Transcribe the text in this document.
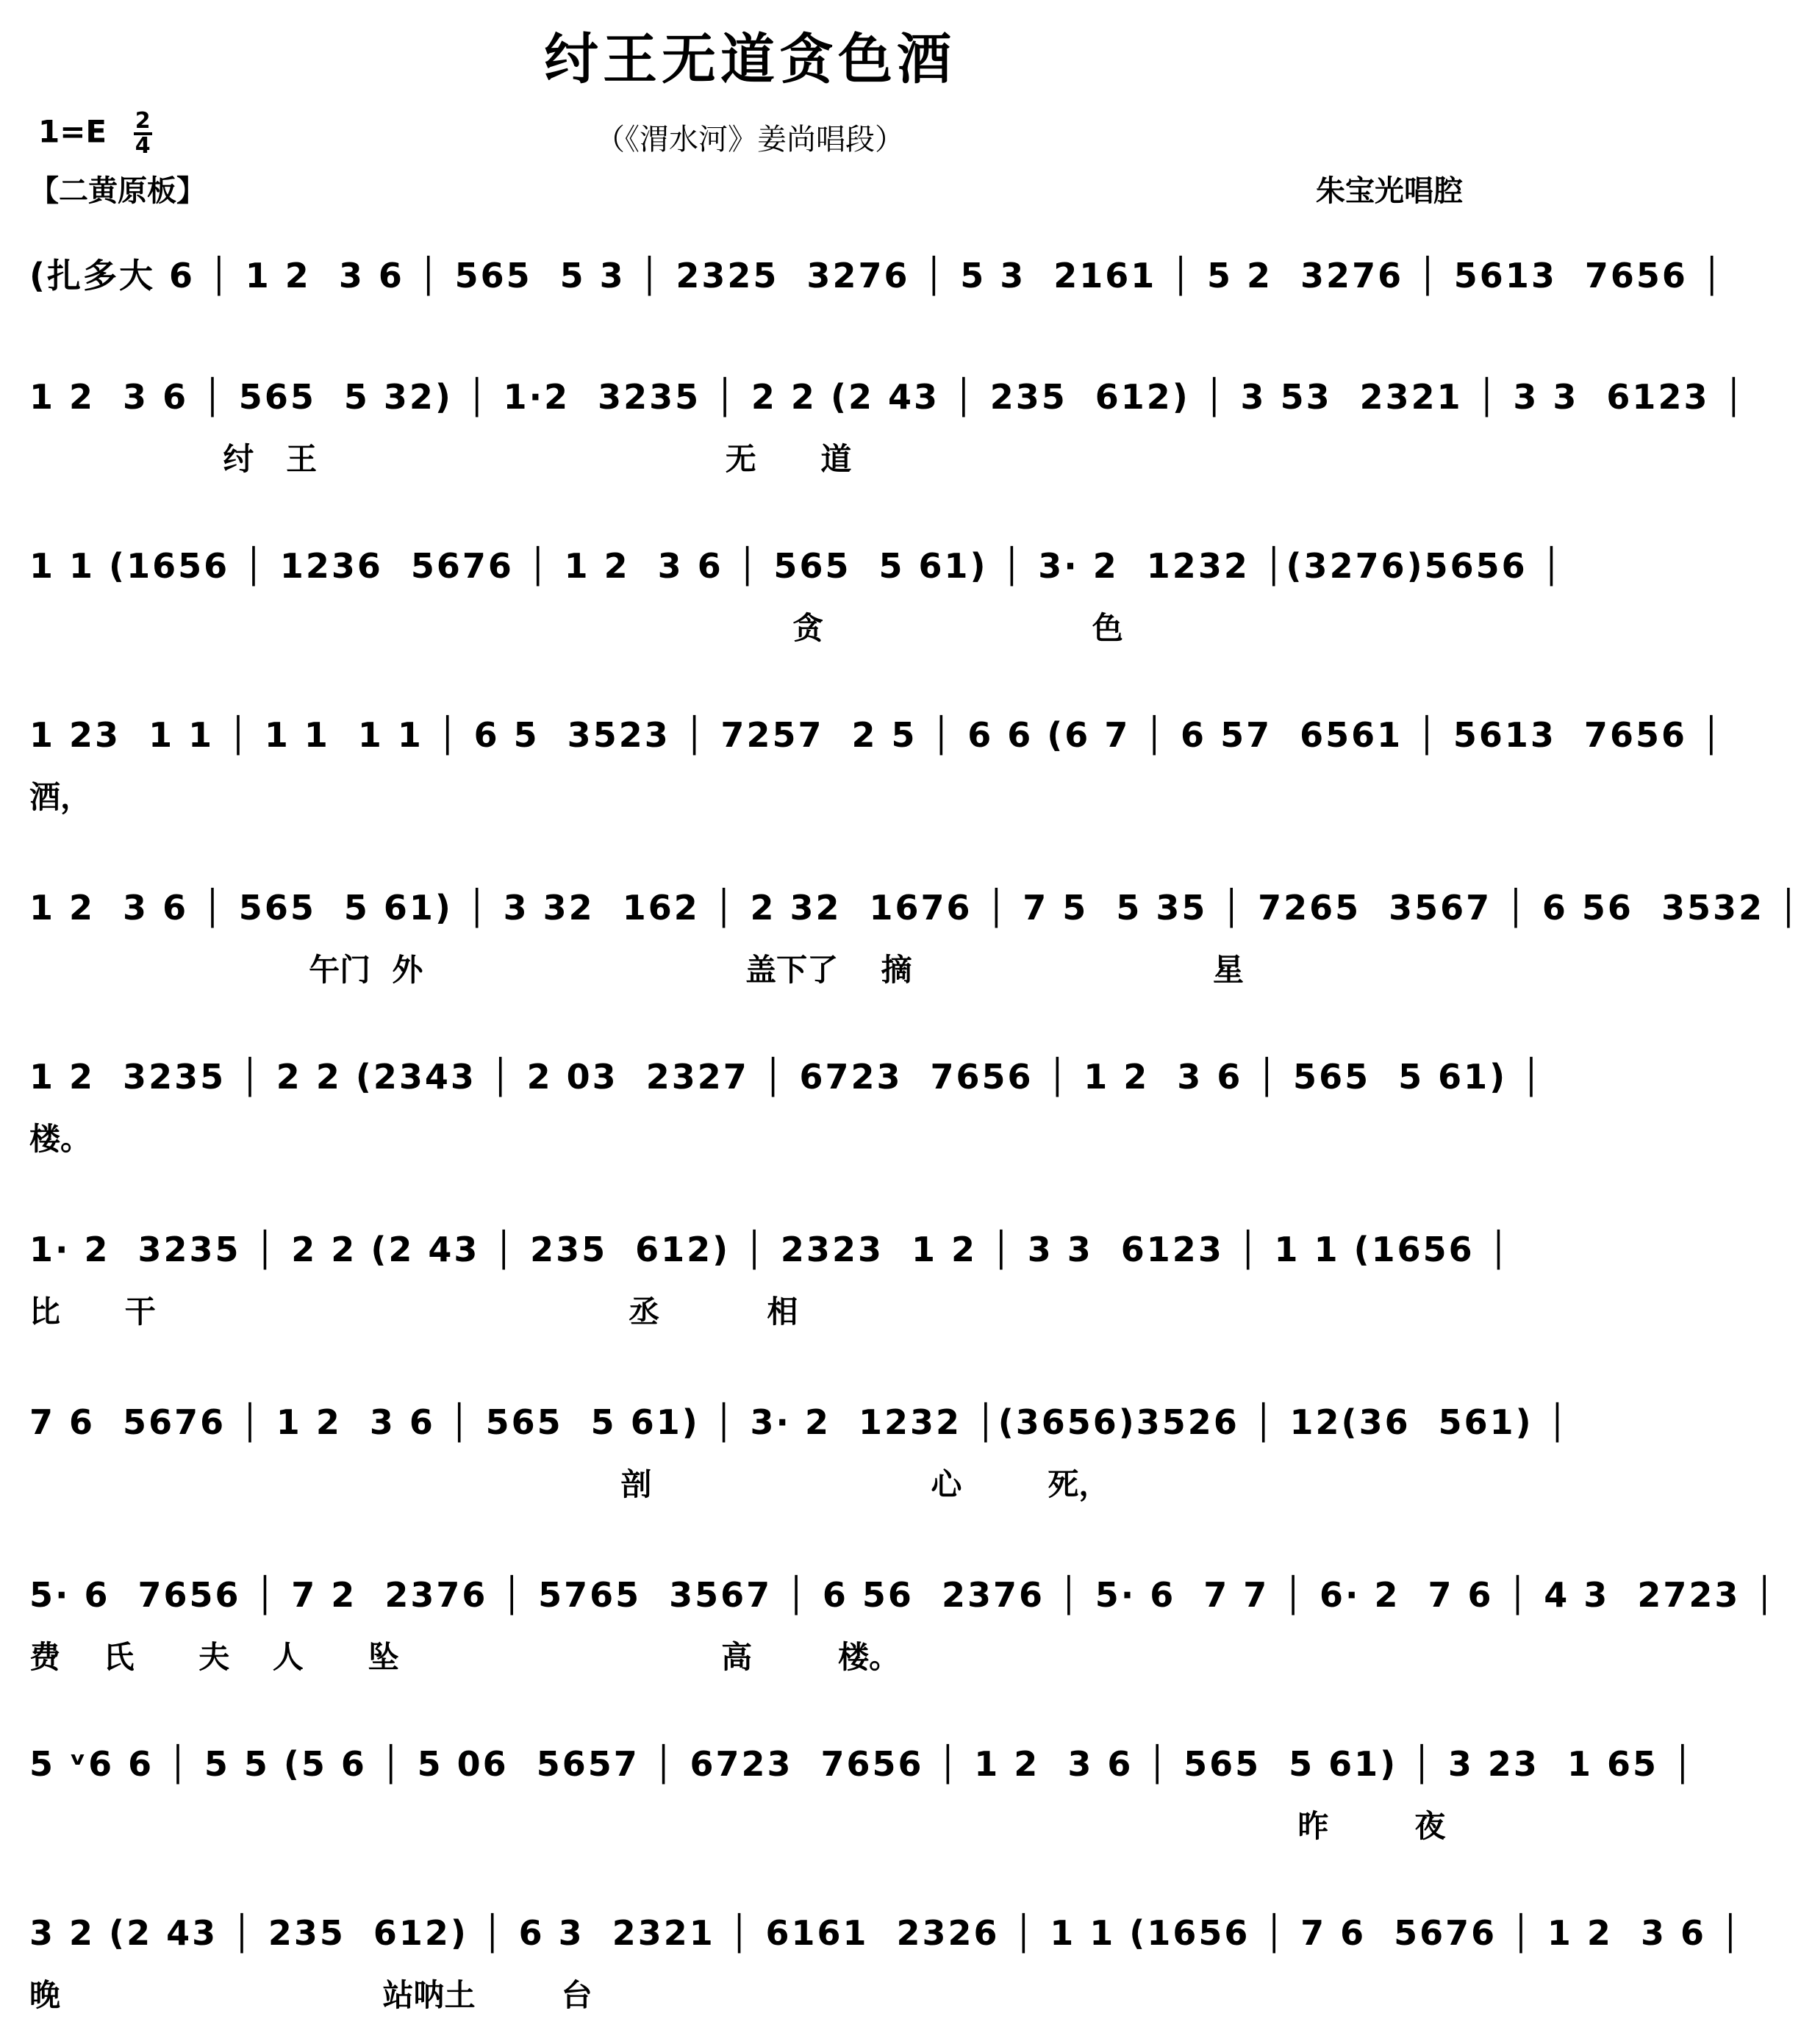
纣王无道贪色酒
$1=E \frac{2}{4}$	（《渭水河》姜尚唱段）
【二黄原板】	朱宝光唱腔
(扎多大 6 │ 1 2  3 6 │ 565  5 3 │ 2325  3276 │ 5 3  2161 │ 5 2  3276 │ 5613  7656 │
1 2  3 6 │ 565  5 32) │ 1·2  3235 │ 2 2 (2 43 │ 235  612) │ 3 53  2321 │ 3 3  6123 │
纣   王                                      无      道
1 1 (1656 │ 1236  5676 │ 1 2  3 6 │ 565  5 61) │ 3· 2  1232 │(3276)5656 │
贪                         色
1 23  1 1 │ 1 1  1 1 │ 6 5  3523 │ 7257  2 5 │ 6 6 (6 7 │ 6 57  6561 │ 5613  7656 │
酒，
1 2  3 6 │ 565  5 61) │ 3 32  162 │ 2 32  1676 │ 7 5  5 35 │ 7265  3567 │ 6 56  3532 │
午门  外                              盖下了    摘                            星
1 2  3235 │ 2 2 (2343 │ 2 03  2327 │ 6723  7656 │ 1 2  3 6 │ 565  5 61) │
楼。
1· 2  3235 │ 2 2 (2 43 │ 235  612) │ 2323  1 2 │ 3 3  6123 │ 1 1 (1656 │
比      干                                            丞          相
7 6  5676 │ 1 2  3 6 │ 565  5 61) │ 3· 2  1232 │(3656)3526 │ 12(36  561) │
剖                          心        死，
5· 6  7656 │ 7 2  2376 │ 5765  3567 │ 6 56  2376 │ 5· 6  7 7 │ 6· 2  7 6 │ 4 3  2723 │
费    氏      夫    人      坠                              高        楼。
5 ᵛ6 6 │ 5 5 (5 6 │ 5 06  5657 │ 6723  7656 │ 1 2  3 6 │ 565  5 61) │ 3 23  1 65 │
昨        夜
3 2 (2 43 │ 235  612) │ 6 3  2321 │ 6161  2326 │ 1 1 (1656 │ 7 6  5676 │ 1 2  3 6 │
晚                              站呐土        台
